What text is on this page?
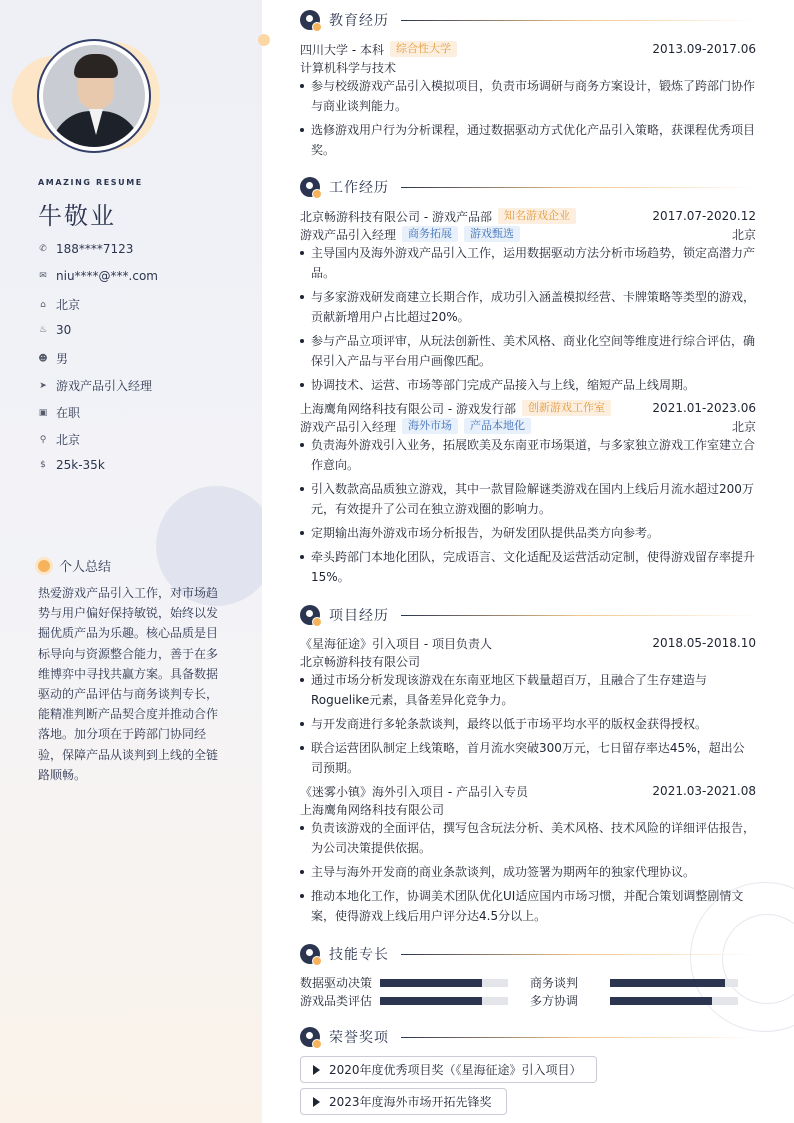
AMAZING RESUME
牛敬业
✆ 188****7123
✉ niu****@***.com
⌂ 北京
♨ 30
☻ 男
➤ 游戏产品引入经理
▣ 在职
⚲ 北京
$ 25k-35k
个人总结
热爱游戏产品引入工作，对市场趋势与用户偏好保持敏锐，始终以发掘优质产品为乐趣。核心品质是目标导向与资源整合能力，善于在多维博弈中寻找共赢方案。具备数据驱动的产品评估与商务谈判专长，能精准判断产品契合度并推动合作落地。加分项在于跨部门协同经验，保障产品从谈判到上线的全链路顺畅。
教育经历
四川大学 - 本科	综合性大学	2013.09-2017.06
计算机科学与技术
参与校级游戏产品引入模拟项目，负责市场调研与商务方案设计，锻炼了跨部门协作与商业谈判能力。
选修游戏用户行为分析课程，通过数据驱动方式优化产品引入策略，获课程优秀项目奖。
工作经历
北京畅游科技有限公司 - 游戏产品部	知名游戏企业	2017.07-2020.12
游戏产品引入经理	商务拓展	游戏甄选	北京
主导国内及海外游戏产品引入工作，运用数据驱动方法分析市场趋势，锁定高潜力产品。
与多家游戏研发商建立长期合作，成功引入涵盖模拟经营、卡牌策略等类型的游戏，贡献新增用户占比超过20%。
参与产品立项评审，从玩法创新性、美术风格、商业化空间等维度进行综合评估，确保引入产品与平台用户画像匹配。
协调技术、运营、市场等部门完成产品接入与上线，缩短产品上线周期。
上海鹰角网络科技有限公司 - 游戏发行部	创新游戏工作室	2021.01-2023.06
游戏产品引入经理	海外市场	产品本地化	北京
负责海外游戏引入业务，拓展欧美及东南亚市场渠道，与多家独立游戏工作室建立合作意向。
引入数款高品质独立游戏，其中一款冒险解谜类游戏在国内上线后月流水超过200万元，有效提升了公司在独立游戏圈的影响力。
定期输出海外游戏市场分析报告，为研发团队提供品类方向参考。
牵头跨部门本地化团队，完成语言、文化适配及运营活动定制，使得游戏留存率提升15%。
项目经历
《星海征途》引入项目 - 项目负责人	2018.05-2018.10
北京畅游科技有限公司
通过市场分析发现该游戏在东南亚地区下载量超百万，且融合了生存建造与Roguelike元素，具备差异化竞争力。
与开发商进行多轮条款谈判，最终以低于市场平均水平的版权金获得授权。
联合运营团队制定上线策略，首月流水突破300万元，七日留存率达45%，超出公司预期。
《迷雾小镇》海外引入项目 - 产品引入专员	2021.03-2021.08
上海鹰角网络科技有限公司
负责该游戏的全面评估，撰写包含玩法分析、美术风格、技术风险的详细评估报告，为公司决策提供依据。
主导与海外开发商的商业条款谈判，成功签署为期两年的独家代理协议。
推动本地化工作，协调美术团队优化UI适应国内市场习惯，并配合策划调整剧情文案，使得游戏上线后用户评分达4.5分以上。
技能专长
数据驱动决策	商务谈判
游戏品类评估	多方协调
荣誉奖项
2020年度优秀项目奖（《星海征途》引入项目）
2023年度海外市场开拓先锋奖
